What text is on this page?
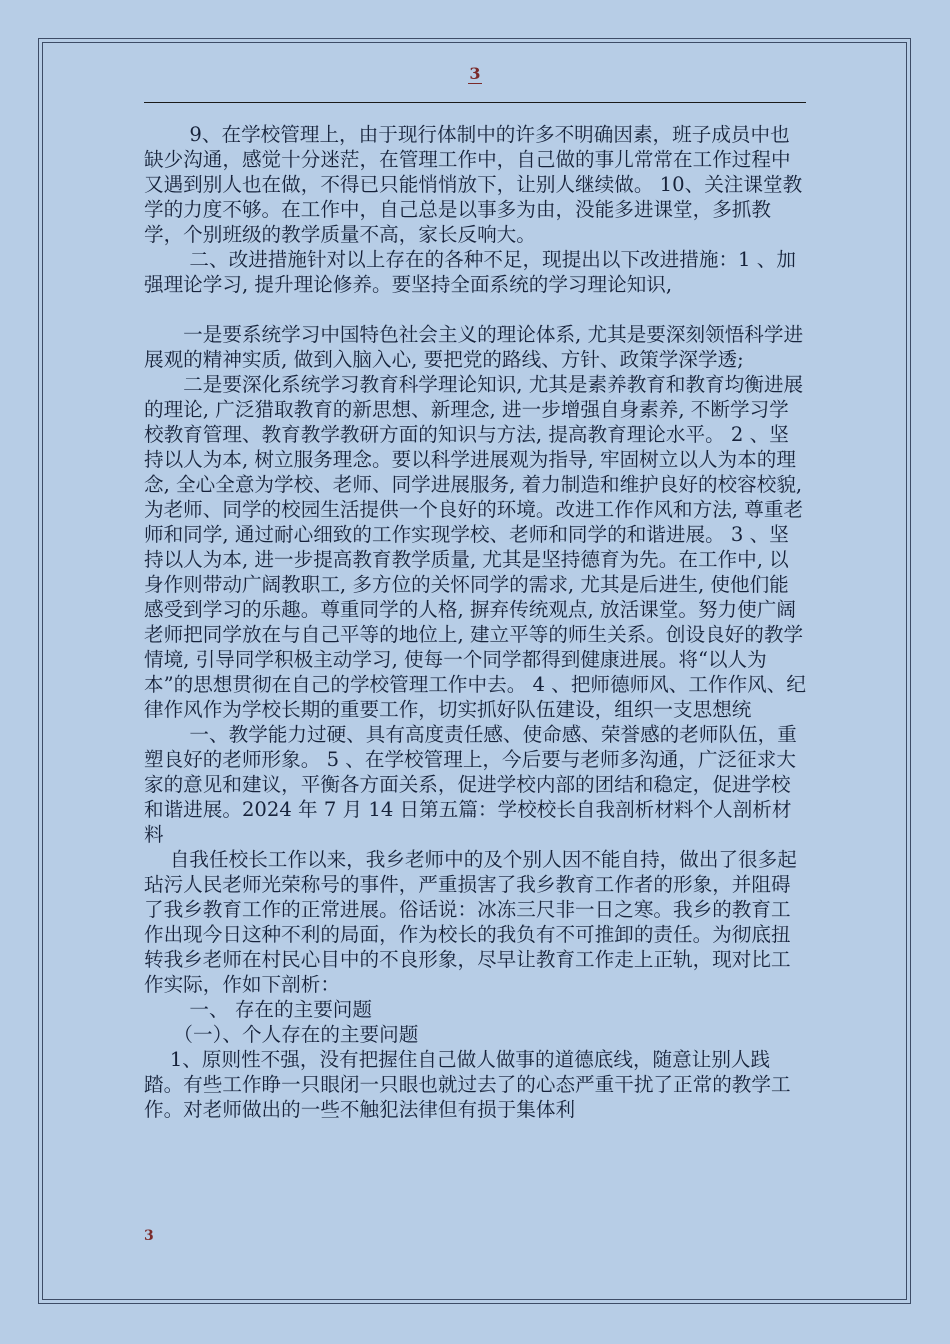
3

　　 9、在学校管理上，由于现行体制中的许多不明确因素，班子成员中也缺少沟通，感觉十分迷茫，在管理工作中，自己做的事儿常常在工作过程中又遇到别人也在做，不得已只能悄悄放下，让别人继续做。 10、关注课堂教学的力度不够。在工作中，自己总是以事多为由，没能多进课堂，多抓教学，个别班级的教学质量不高，家长反响大。

　　 二、改进措施针对以上存在的各种不足，现提出以下改进措施：1 、加强理论学习, 提升理论修养。要坚持全面系统的学习理论知识,

　　一是要系统学习中国特色社会主义的理论体系, 尤其是要深刻领悟科学进展观的精神实质, 做到入脑入心, 要把党的路线、方针、政策学深学透;

　　二是要深化系统学习教育科学理论知识, 尤其是素养教育和教育均衡进展的理论, 广泛猎取教育的新思想、新理念, 进一步增强自身素养, 不断学习学校教育管理、教育教学教研方面的知识与方法, 提高教育理论水平。 2 、坚持以人为本, 树立服务理念。要以科学进展观为指导, 牢固树立以人为本的理念, 全心全意为学校、老师、同学进展服务, 着力制造和维护良好的校容校貌, 为老师、同学的校园生活提供一个良好的环境。改进工作作风和方法, 尊重老师和同学, 通过耐心细致的工作实现学校、老师和同学的和谐进展。 3 、坚持以人为本, 进一步提高教育教学质量, 尤其是坚持德育为先。在工作中, 以身作则带动广阔教职工, 多方位的关怀同学的需求, 尤其是后进生, 使他们能感受到学习的乐趣。尊重同学的人格, 摒弃传统观点, 放活课堂。努力使广阔老师把同学放在与自己平等的地位上, 建立平等的师生关系。创设良好的教学情境, 引导同学积极主动学习, 使每一个同学都得到健康进展。将“以人为本”的思想贯彻在自己的学校管理工作中去。 4 、把师德师风、工作作风、纪律作风作为学校长期的重要工作，切实抓好队伍建设，组织一支思想统

　　 一、教学能力过硬、具有高度责任感、使命感、荣誉感的老师队伍，重塑良好的老师形象。 5 、在学校管理上，今后要与老师多沟通，广泛征求大家的意见和建议，平衡各方面关系，促进学校内部的团结和稳定，促进学校和谐进展。2024 年 7 月 14 日第五篇：学校校长自我剖析材料个人剖析材料

　 自我任校长工作以来，我乡老师中的及个别人因不能自持，做出了很多起玷污人民老师光荣称号的事件，严重损害了我乡教育工作者的形象，并阻碍了我乡教育工作的正常进展。俗话说：冰冻三尺非一日之寒。我乡的教育工作出现今日这种不利的局面，作为校长的我负有不可推卸的责任。为彻底扭转我乡老师在村民心目中的不良形象，尽早让教育工作走上正轨，现对比工作实际，作如下剖析：

　　 一、 存在的主要问题

　　（一）、个人存在的主要问题

　 1、原则性不强，没有把握住自己做人做事的道德底线，随意让别人践踏。有些工作睁一只眼闭一只眼也就过去了的心态严重干扰了正常的教学工作。对老师做出的一些不触犯法律但有损于集体利

3
